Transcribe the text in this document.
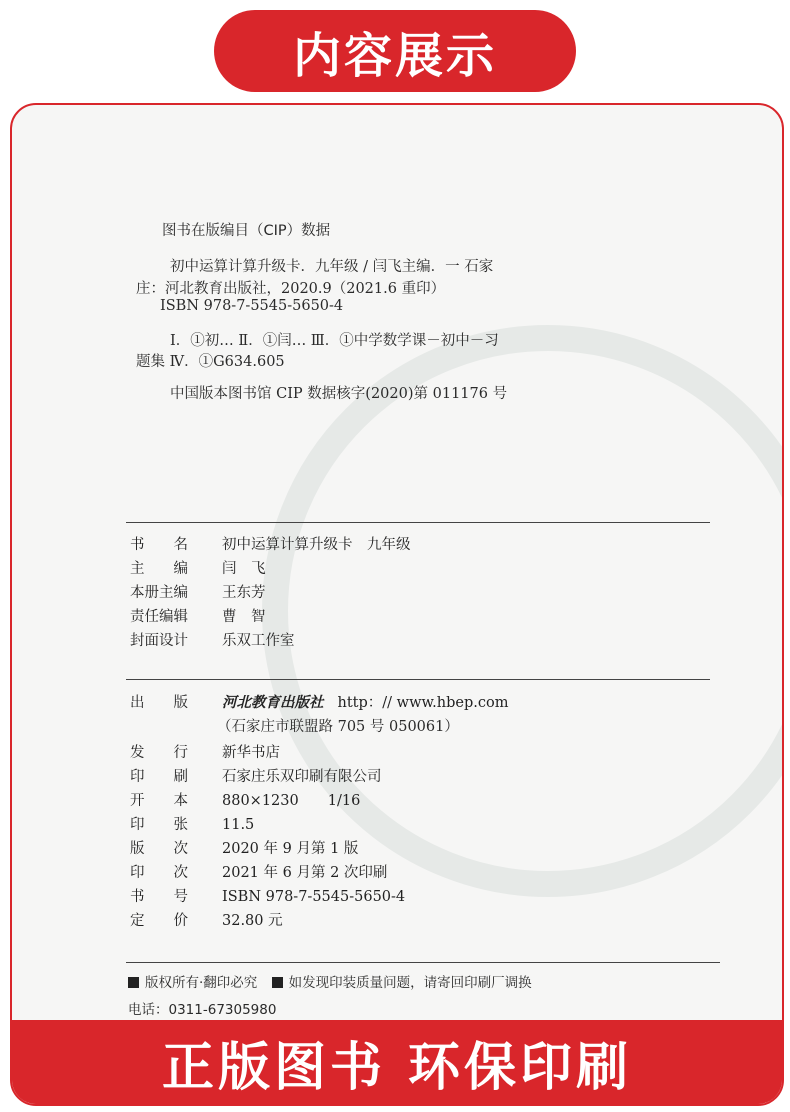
内容展示
图书在版编目（CIP）数据
初中运算计算升级卡．九年级 / 闫飞主编．一 石家
庄：河北教育出版社，2020.9（2021.6 重印）
ISBN 978-7-5545-5650-4
Ⅰ．①初… Ⅱ．①闫… Ⅲ．①中学数学课－初中－习
题集 Ⅳ．①G634.605
中国版本图书馆 CIP 数据核字(2020)第 011176 号
书　　名 初中运算计算升级卡　九年级
主　　编 闫　飞
本册主编 王东芳
责任编辑 曹　智
封面设计 乐双工作室
出　　版 河北教育出版社 http：// www.hbep.com
（石家庄市联盟路 705 号 050061）
发　　行 新华书店
印　　刷 石家庄乐双印刷有限公司
开　　本 880×1230　　1/16
印　　张 11.5
版　　次 2020 年 9 月第 1 版
印　　次 2021 年 6 月第 2 次印刷
书　　号 ISBN 978-7-5545-5650-4
定　　价 32.80 元
版权所有·翻印必究 如发现印装质量问题，请寄回印刷厂调换
电话：0311-67305980
正版图书 环保印刷
